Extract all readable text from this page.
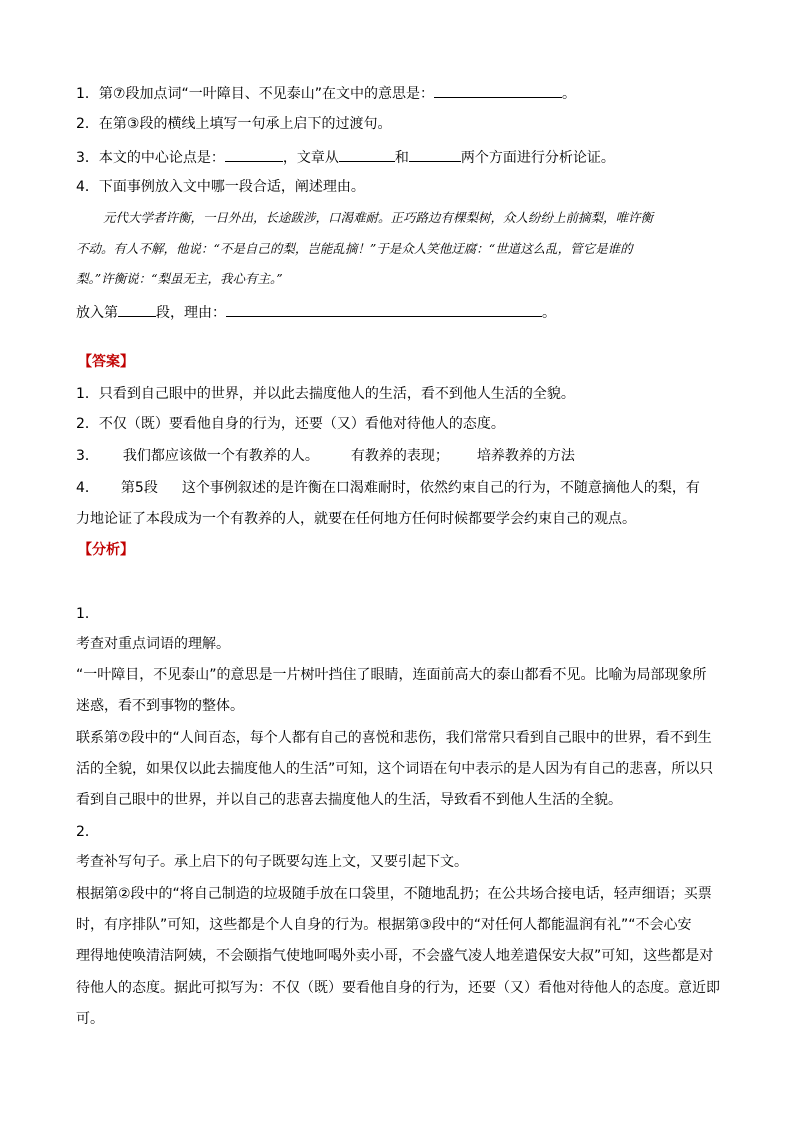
1．第⑦段加点词“一叶障目、不见泰山”在文中的意思是：	。
2．在第③段的横线上填写一句承上启下的过渡句。
3．本文的中心论点是：	，文章从	和	两个方面进行分析论证。
4．下面事例放入文中哪一段合适，阐述理由。
元代大学者许衡，一日外出，长途跋涉，口渴难耐。正巧路边有棵梨树，众人纷纷上前摘梨，唯许衡
不动。有人不解，他说：“不是自己的梨，岂能乱摘！”于是众人笑他迂腐：“世道这么乱，管它是谁的
梨。”许衡说：“梨虽无主，我心有主。”
放入第	段，理由：	。
【答案】
1．只看到自己眼中的世界，并以此去揣度他人的生活，看不到他人生活的全貌。
2．不仅（既）要看他自身的行为，还要（又）看他对待他人的态度。
3． 我们都应该做一个有教养的人。 有教养的表现； 培养教养的方法
4． 第5段 这个事例叙述的是许衡在口渴难耐时，依然约束自己的行为，不随意摘他人的梨，有
力地论证了本段成为一个有教养的人，就要在任何地方任何时候都要学会约束自己的观点。
【分析】
1．
考查对重点词语的理解。
“一叶障目，不见泰山”的意思是一片树叶挡住了眼睛，连面前高大的泰山都看不见。比喻为局部现象所
迷惑，看不到事物的整体。
联系第⑦段中的“人间百态，每个人都有自己的喜悦和悲伤，我们常常只看到自己眼中的世界，看不到生
活的全貌，如果仅以此去揣度他人的生活”可知，这个词语在句中表示的是人因为有自己的悲喜，所以只
看到自己眼中的世界，并以自己的悲喜去揣度他人的生活，导致看不到他人生活的全貌。
2．
考查补写句子。承上启下的句子既要勾连上文，又要引起下文。
根据第②段中的“将自己制造的垃圾随手放在口袋里，不随地乱扔；在公共场合接电话，轻声细语；买票
时，有序排队”可知，这些都是个人自身的行为。根据第③段中的“对任何人都能温润有礼”“不会心安
理得地使唤清洁阿姨，不会颐指气使地呵喝外卖小哥，不会盛气凌人地差遣保安大叔”可知，这些都是对
待他人的态度。据此可拟写为：不仅（既）要看他自身的行为，还要（又）看他对待他人的态度。意近即
可。
